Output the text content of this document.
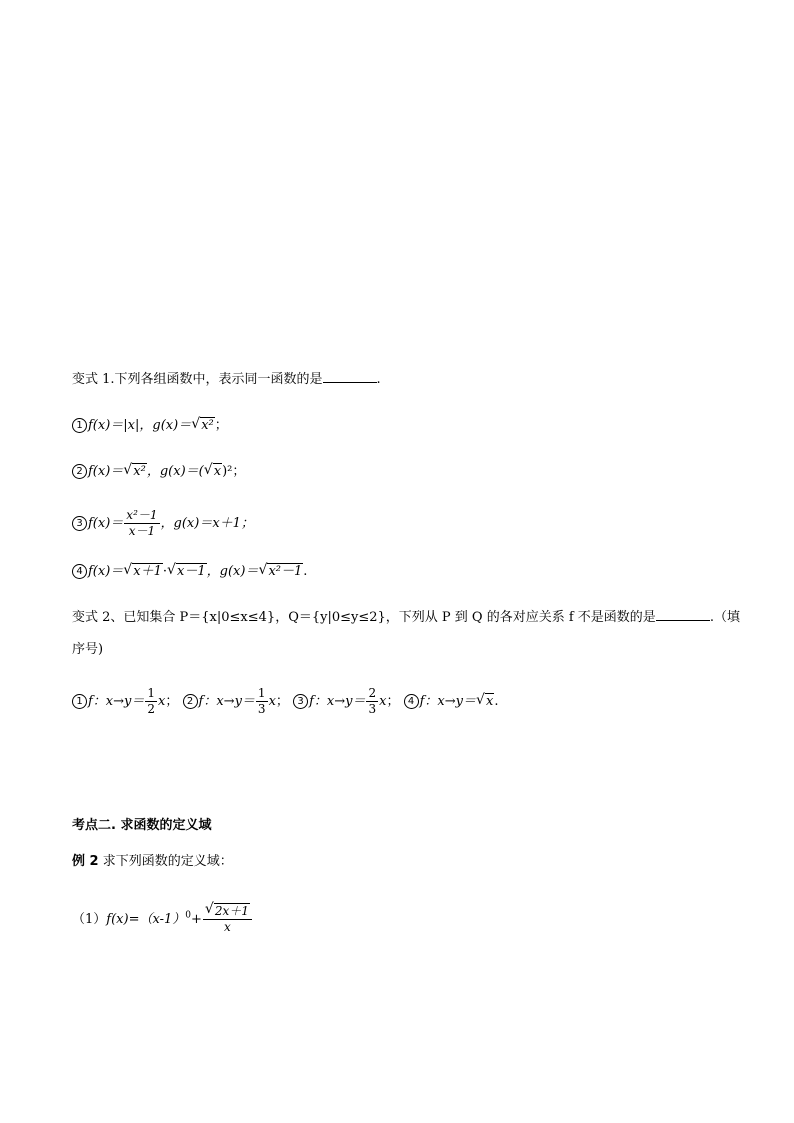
变式 1.下列各组函数中，表示同一函数的是	.
1 f(x)＝|x|，g(x)＝ √ x²；
2 f(x)＝ √ x²，g(x)＝( √ x)²；
3 $f(x)= \frac{\text{x²－1}}{x-1}$ ，g(x)＝x＋1；
4 f(x)＝ √ x＋1· √ x－1，g(x)＝ √ x²－1.
变式 2、已知集合 P＝{x|0≤x≤4}，Q＝{y|0≤y≤2}，下列从 P 到 Q 的各对应关系 f 不是函数的是	.（填
序号)
1 f：$x\to y= \frac{1}{2}$ x； 2 f：$x\to y= \frac{1}{3}$ x； 3 f：$x\to y= \frac{2}{3}$ x； 4 f：x→y＝ √ x.
考点二. 求函数的定义域
例 2 求下列函数的定义域：
$(1)f(x)=(x-1)^0+ \frac{√ 2x+1}{x}$
